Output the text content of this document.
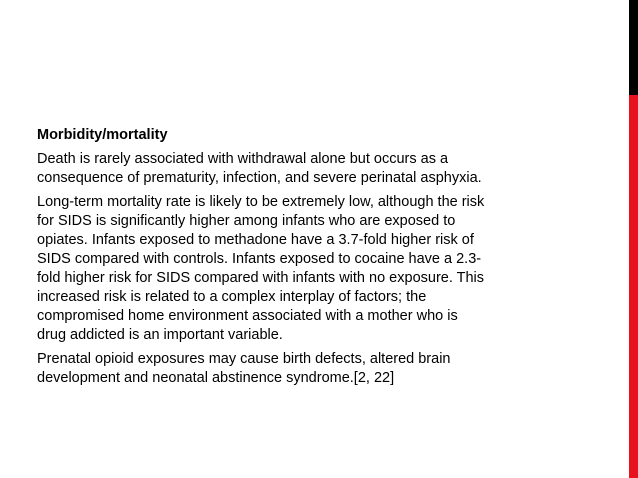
Morbidity/mortality
Death is rarely associated with withdrawal alone but occurs as a
consequence of prematurity, infection, and severe perinatal asphyxia.
Long-term mortality rate is likely to be extremely low, although the risk
for SIDS is significantly higher among infants who are exposed to
opiates. Infants exposed to methadone have a 3.7-fold higher risk of
SIDS compared with controls. Infants exposed to cocaine have a 2.3-
fold higher risk for SIDS compared with infants with no exposure. This
increased risk is related to a complex interplay of factors; the
compromised home environment associated with a mother who is
drug addicted is an important variable.
Prenatal opioid exposures may cause birth defects, altered brain
development and neonatal abstinence syndrome.[2, 22]
